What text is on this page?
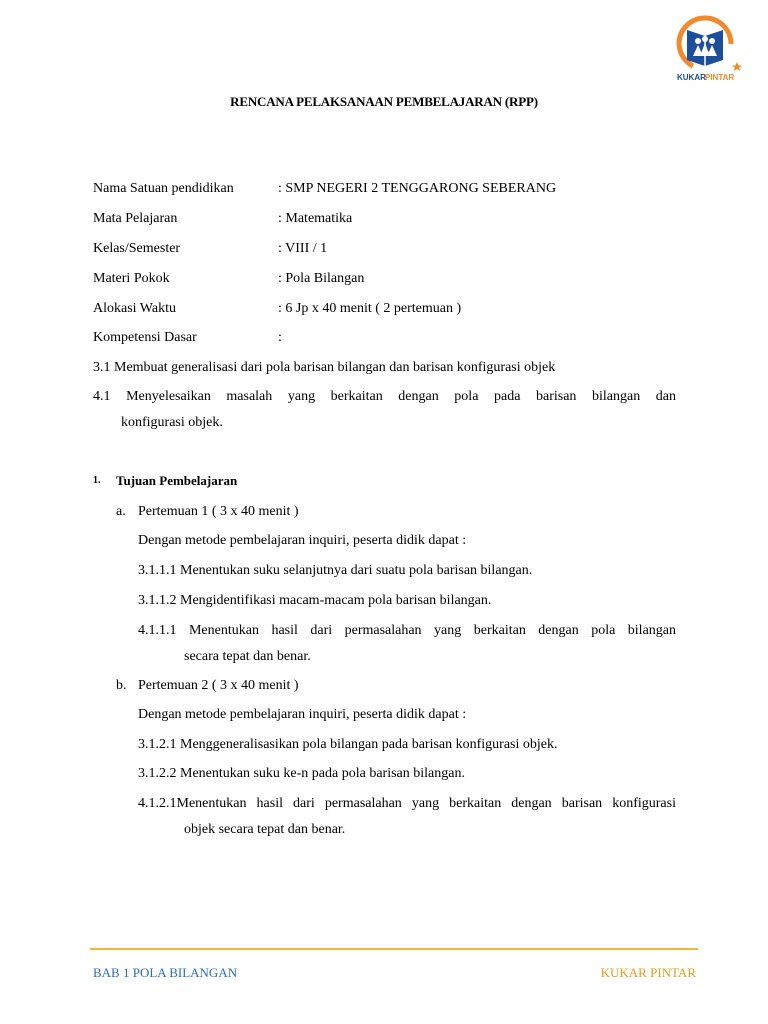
KUKAR PINTAR
RENCANA PELAKSANAAN PEMBELAJARAN (RPP)
Nama Satuan pendidikan	: SMP NEGERI 2 TENGGARONG SEBERANG
Mata Pelajaran	: Matematika
Kelas/Semester	: VIII / 1
Materi Pokok	: Pola Bilangan
Alokasi Waktu	: 6 Jp x 40 menit ( 2 pertemuan )
Kompetensi Dasar	:
3.1 Membuat generalisasi dari pola barisan bilangan dan barisan konfigurasi objek
4.1 Menyelesaikan masalah yang berkaitan dengan pola pada barisan bilangan dan
konfigurasi objek.
1. Tujuan Pembelajaran
a. Pertemuan 1 ( 3 x 40 menit )
Dengan metode pembelajaran inquiri, peserta didik dapat :
3.1.1.1 Menentukan suku selanjutnya dari suatu pola barisan bilangan.
3.1.1.2 Mengidentifikasi macam-macam pola barisan bilangan.
4.1.1.1 Menentukan hasil dari permasalahan yang berkaitan dengan pola bilangan
secara tepat dan benar.
b. Pertemuan 2 ( 3 x 40 menit )
Dengan metode pembelajaran inquiri, peserta didik dapat :
3.1.2.1 Menggeneralisasikan pola bilangan pada barisan konfigurasi objek.
3.1.2.2 Menentukan suku ke-n pada pola barisan bilangan.
4.1.2.1Menentukan hasil dari permasalahan yang berkaitan dengan barisan konfigurasi
objek secara tepat dan benar.
BAB 1 POLA BILANGAN	KUKAR PINTAR
